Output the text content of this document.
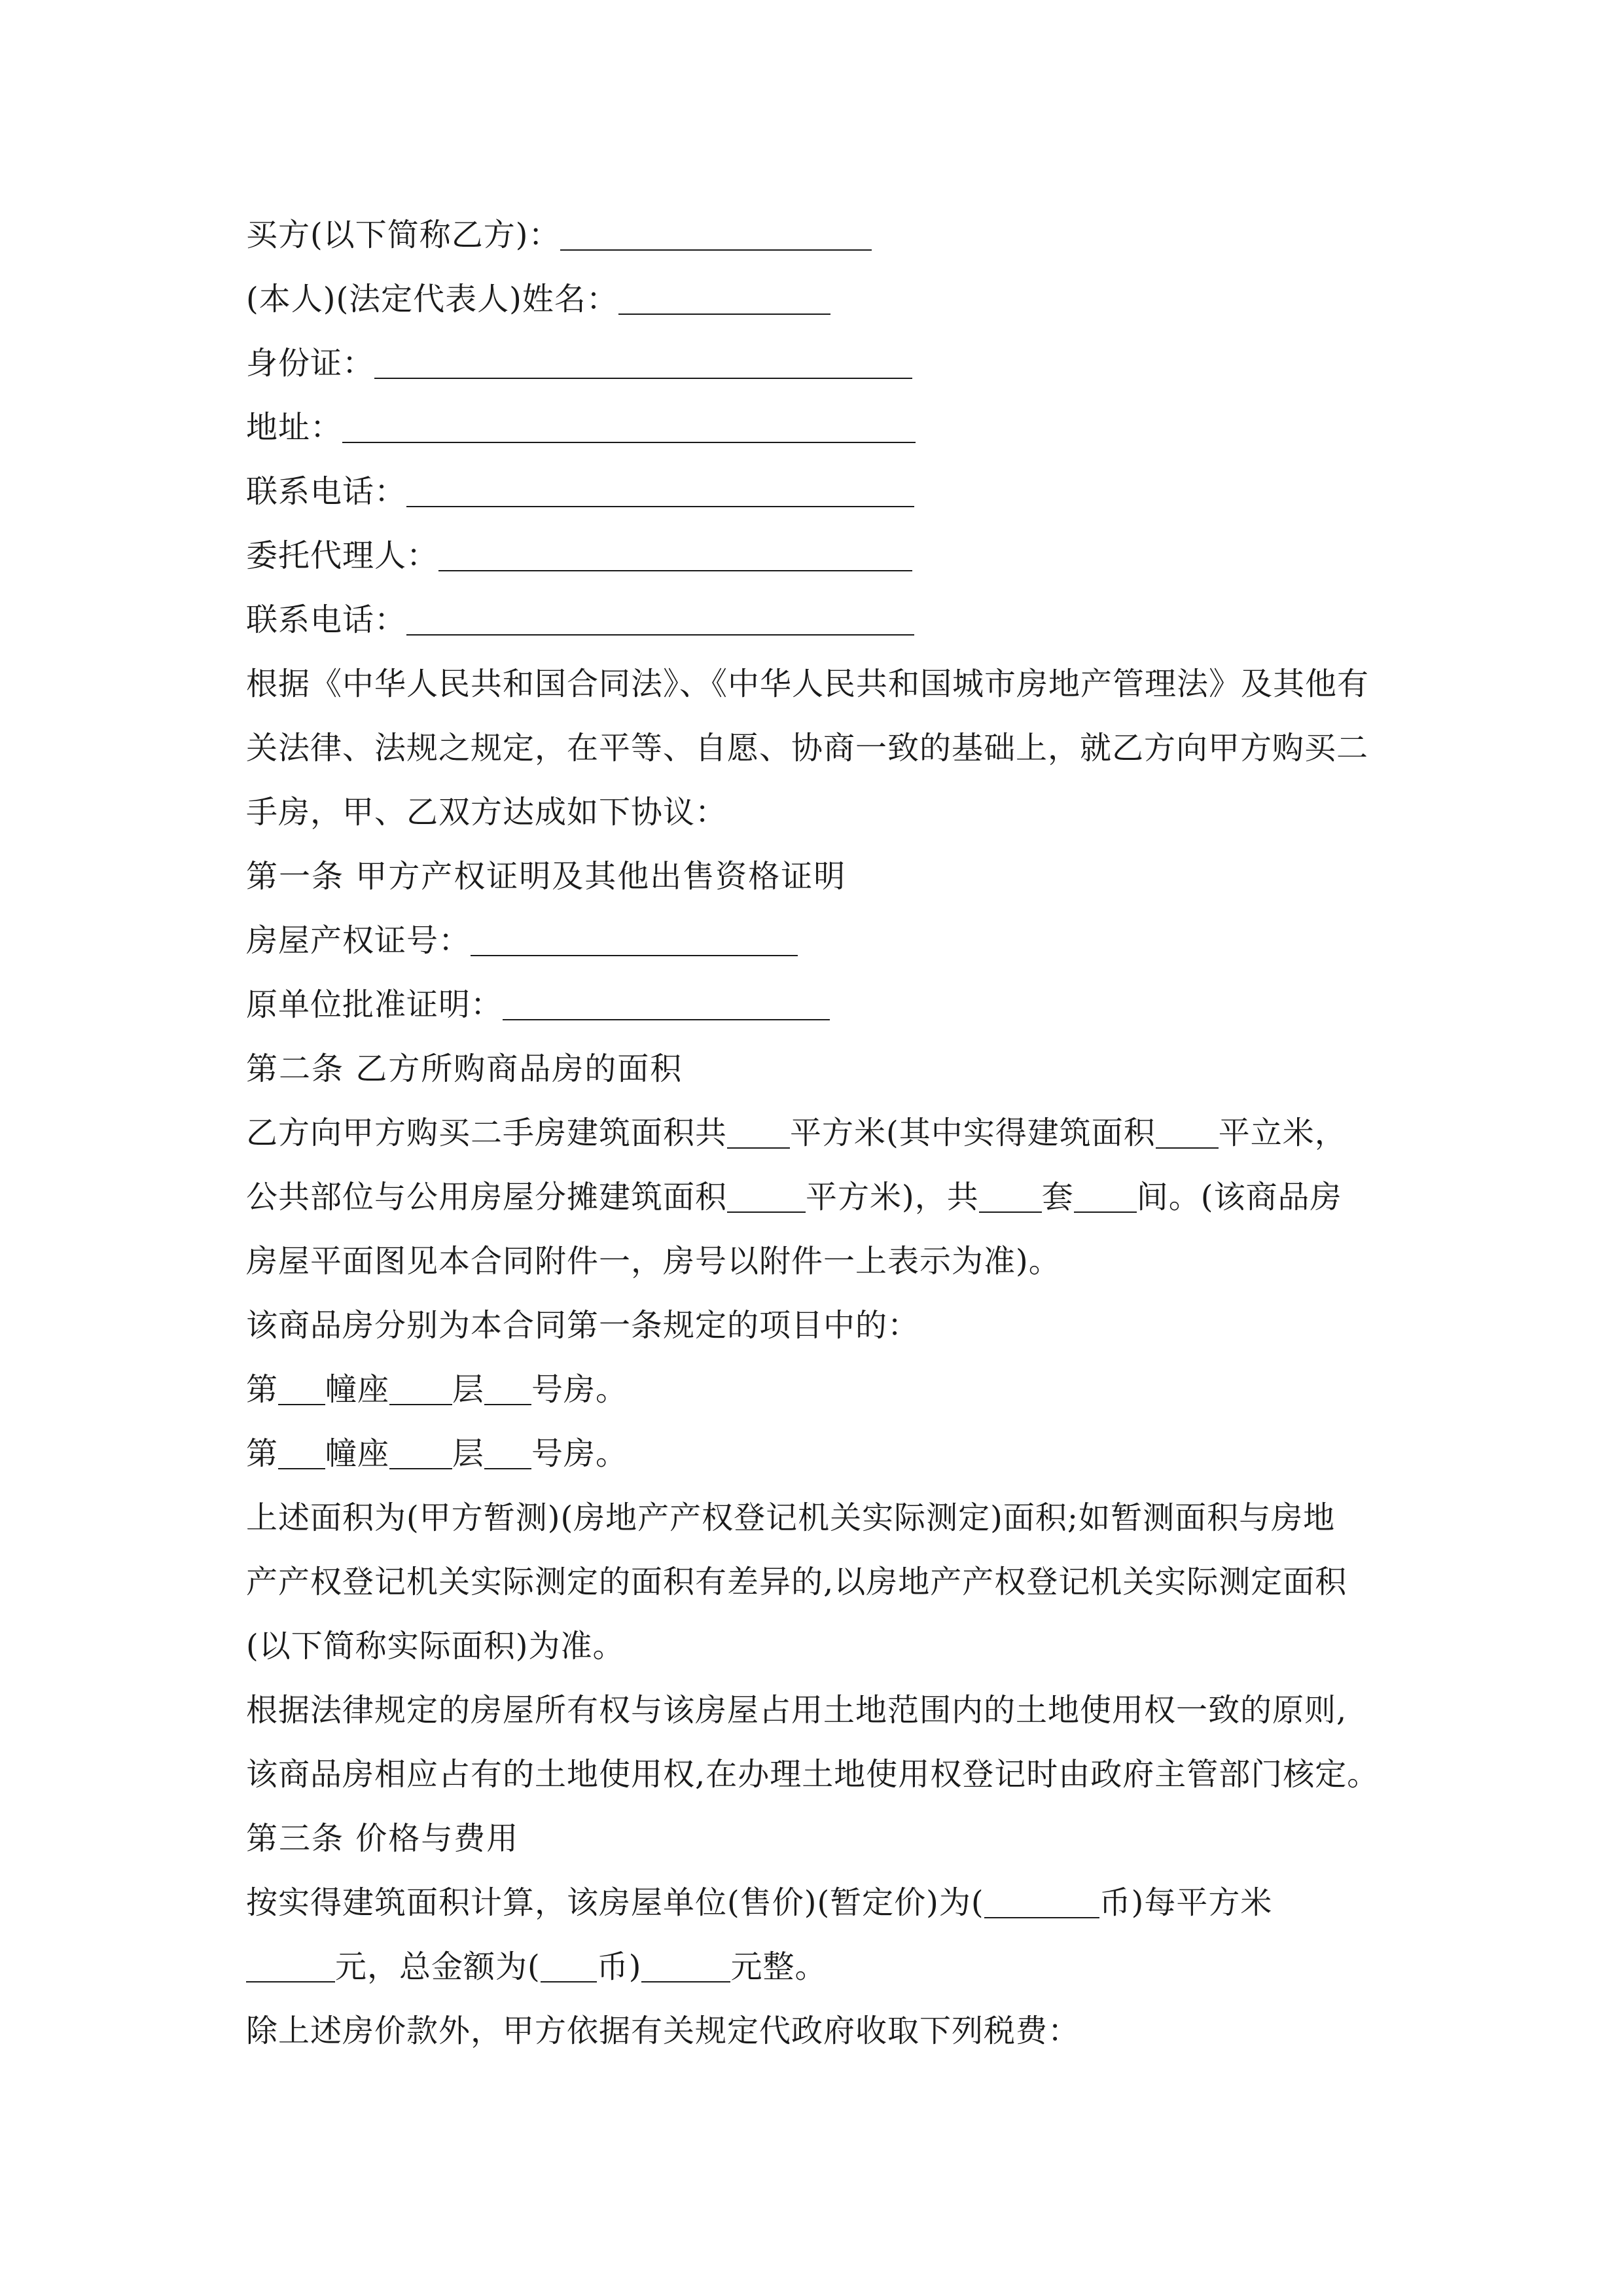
买方(以下简称乙方)：
(本人)(法定代表人)姓名：
身份证：
地址：
联系电话：
委托代理人：
联系电话：
根据《中华人民共和国合同法》、《中华人民共和国城市房地产管理法》及其他有
关法律、法规之规定，在平等、自愿、协商一致的基础上，就乙方向甲方购买二
手房，甲、乙双方达成如下协议：
第一条 甲方产权证明及其他出售资格证明
房屋产权证号：
原单位批准证明：
第二条 乙方所购商品房的面积
乙方向甲方购买二手房建筑面积共 平方米(其中实得建筑面积 平立米，
公共部位与公用房屋分摊建筑面积	平方米)，共 套 间。(该商品房
房屋平面图见本合同附件一，房号以附件一上表示为准)。
该商品房分别为本合同第一条规定的项目中的：
第 幢座 层 号房。
第 幢座 层 号房。
上述面积为(甲方暂测)(房地产产权登记机关实际测定)面积;如暂测面积与房地
产产权登记机关实际测定的面积有差异的,以房地产产权登记机关实际测定面积
(以下简称实际面积)为准。
根据法律规定的房屋所有权与该房屋占用土地范围内的土地使用权一致的原则,
该商品房相应占有的土地使用权,在办理土地使用权登记时由政府主管部门核定。
第三条 价格与费用
按实得建筑面积计算，该房屋单位(售价)(暂定价)为(	币)每平方米
元，总金额为( 币)	元整。
除上述房价款外，甲方依据有关规定代政府收取下列税费：
